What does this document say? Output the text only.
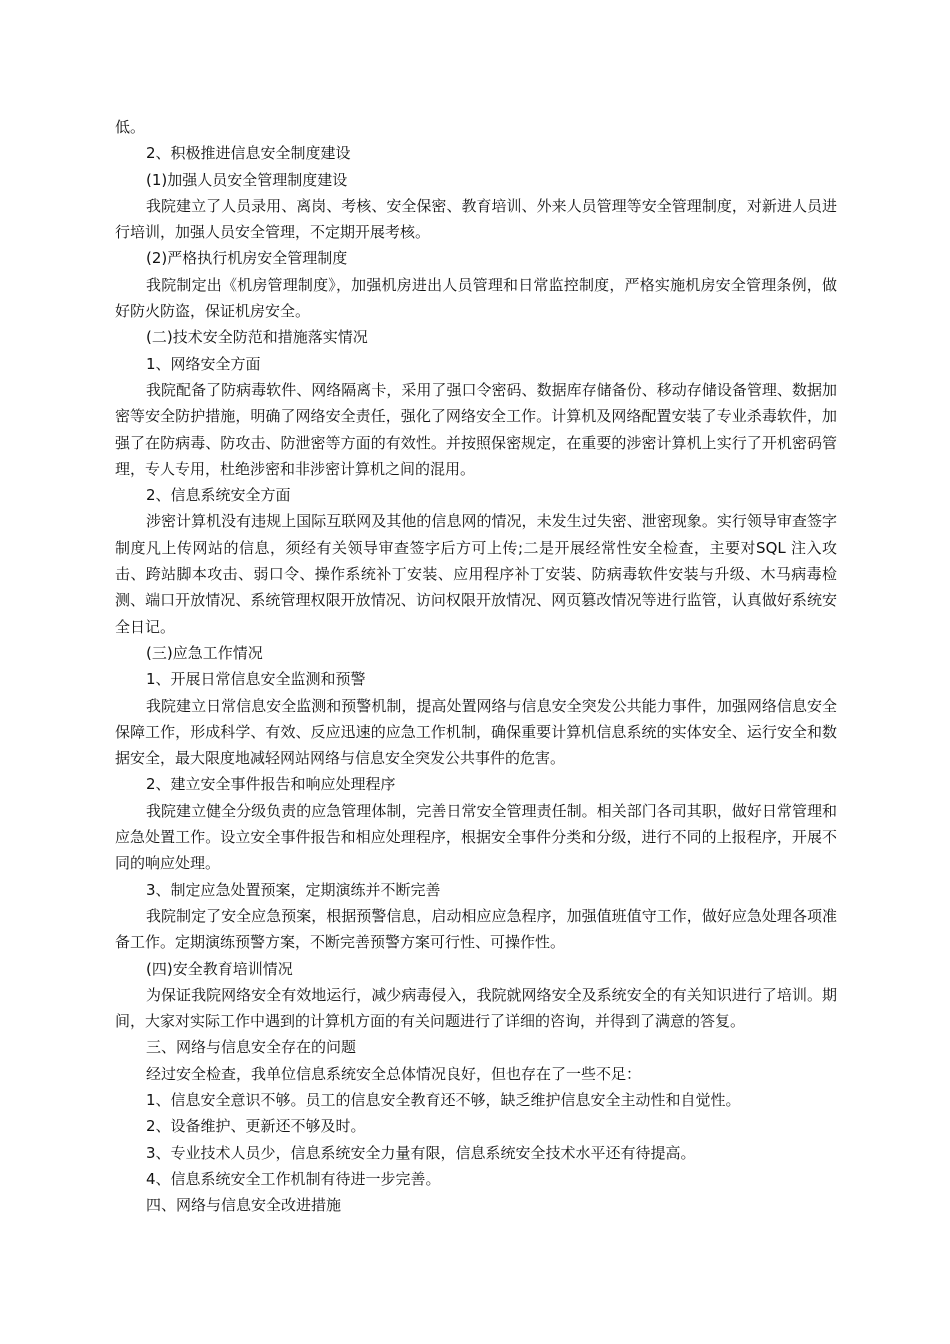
低。

2、积极推进信息安全制度建设

(1)加强人员安全管理制度建设

我院建立了人员录用、离岗、考核、安全保密、教育培训、外来人员管理等安全管理制度，对新进人员进行培训，加强人员安全管理，不定期开展考核。

(2)严格执行机房安全管理制度

我院制定出《机房管理制度》，加强机房进出人员管理和日常监控制度，严格实施机房安全管理条例，做好防火防盗，保证机房安全。

(二)技术安全防范和措施落实情况

1、网络安全方面

我院配备了防病毒软件、网络隔离卡，采用了强口令密码、数据库存储备份、移动存储设备管理、数据加密等安全防护措施，明确了网络安全责任，强化了网络安全工作。计算机及网络配置安装了专业杀毒软件，加强了在防病毒、防攻击、防泄密等方面的有效性。并按照保密规定，在重要的涉密计算机上实行了开机密码管理，专人专用，杜绝涉密和非涉密计算机之间的混用。

2、信息系统安全方面

涉密计算机没有违规上国际互联网及其他的信息网的情况，未发生过失密、泄密现象。实行领导审查签字制度凡上传网站的信息，须经有关领导审查签字后方可上传;二是开展经常性安全检查，主要对SQL 注入攻击、跨站脚本攻击、弱口令、操作系统补丁安装、应用程序补丁安装、防病毒软件安装与升级、木马病毒检测、端口开放情况、系统管理权限开放情况、访问权限开放情况、网页篡改情况等进行监管，认真做好系统安全日记。

(三)应急工作情况

1、开展日常信息安全监测和预警

我院建立日常信息安全监测和预警机制，提高处置网络与信息安全突发公共能力事件，加强网络信息安全保障工作，形成科学、有效、反应迅速的应急工作机制，确保重要计算机信息系统的实体安全、运行安全和数据安全，最大限度地减轻网站网络与信息安全突发公共事件的危害。

2、建立安全事件报告和响应处理程序

我院建立健全分级负责的应急管理体制，完善日常安全管理责任制。相关部门各司其职，做好日常管理和应急处置工作。设立安全事件报告和相应处理程序，根据安全事件分类和分级，进行不同的上报程序，开展不同的响应处理。

3、制定应急处置预案，定期演练并不断完善

我院制定了安全应急预案，根据预警信息，启动相应应急程序，加强值班值守工作，做好应急处理各项准备工作。定期演练预警方案，不断完善预警方案可行性、可操作性。

(四)安全教育培训情况

为保证我院网络安全有效地运行，减少病毒侵入，我院就网络安全及系统安全的有关知识进行了培训。期间，大家对实际工作中遇到的计算机方面的有关问题进行了详细的咨询，并得到了满意的答复。

三、网络与信息安全存在的问题

经过安全检查，我单位信息系统安全总体情况良好，但也存在了一些不足：

1、信息安全意识不够。员工的信息安全教育还不够，缺乏维护信息安全主动性和自觉性。

2、设备维护、更新还不够及时。

3、专业技术人员少，信息系统安全力量有限，信息系统安全技术水平还有待提高。

4、信息系统安全工作机制有待进一步完善。

四、网络与信息安全改进措施
